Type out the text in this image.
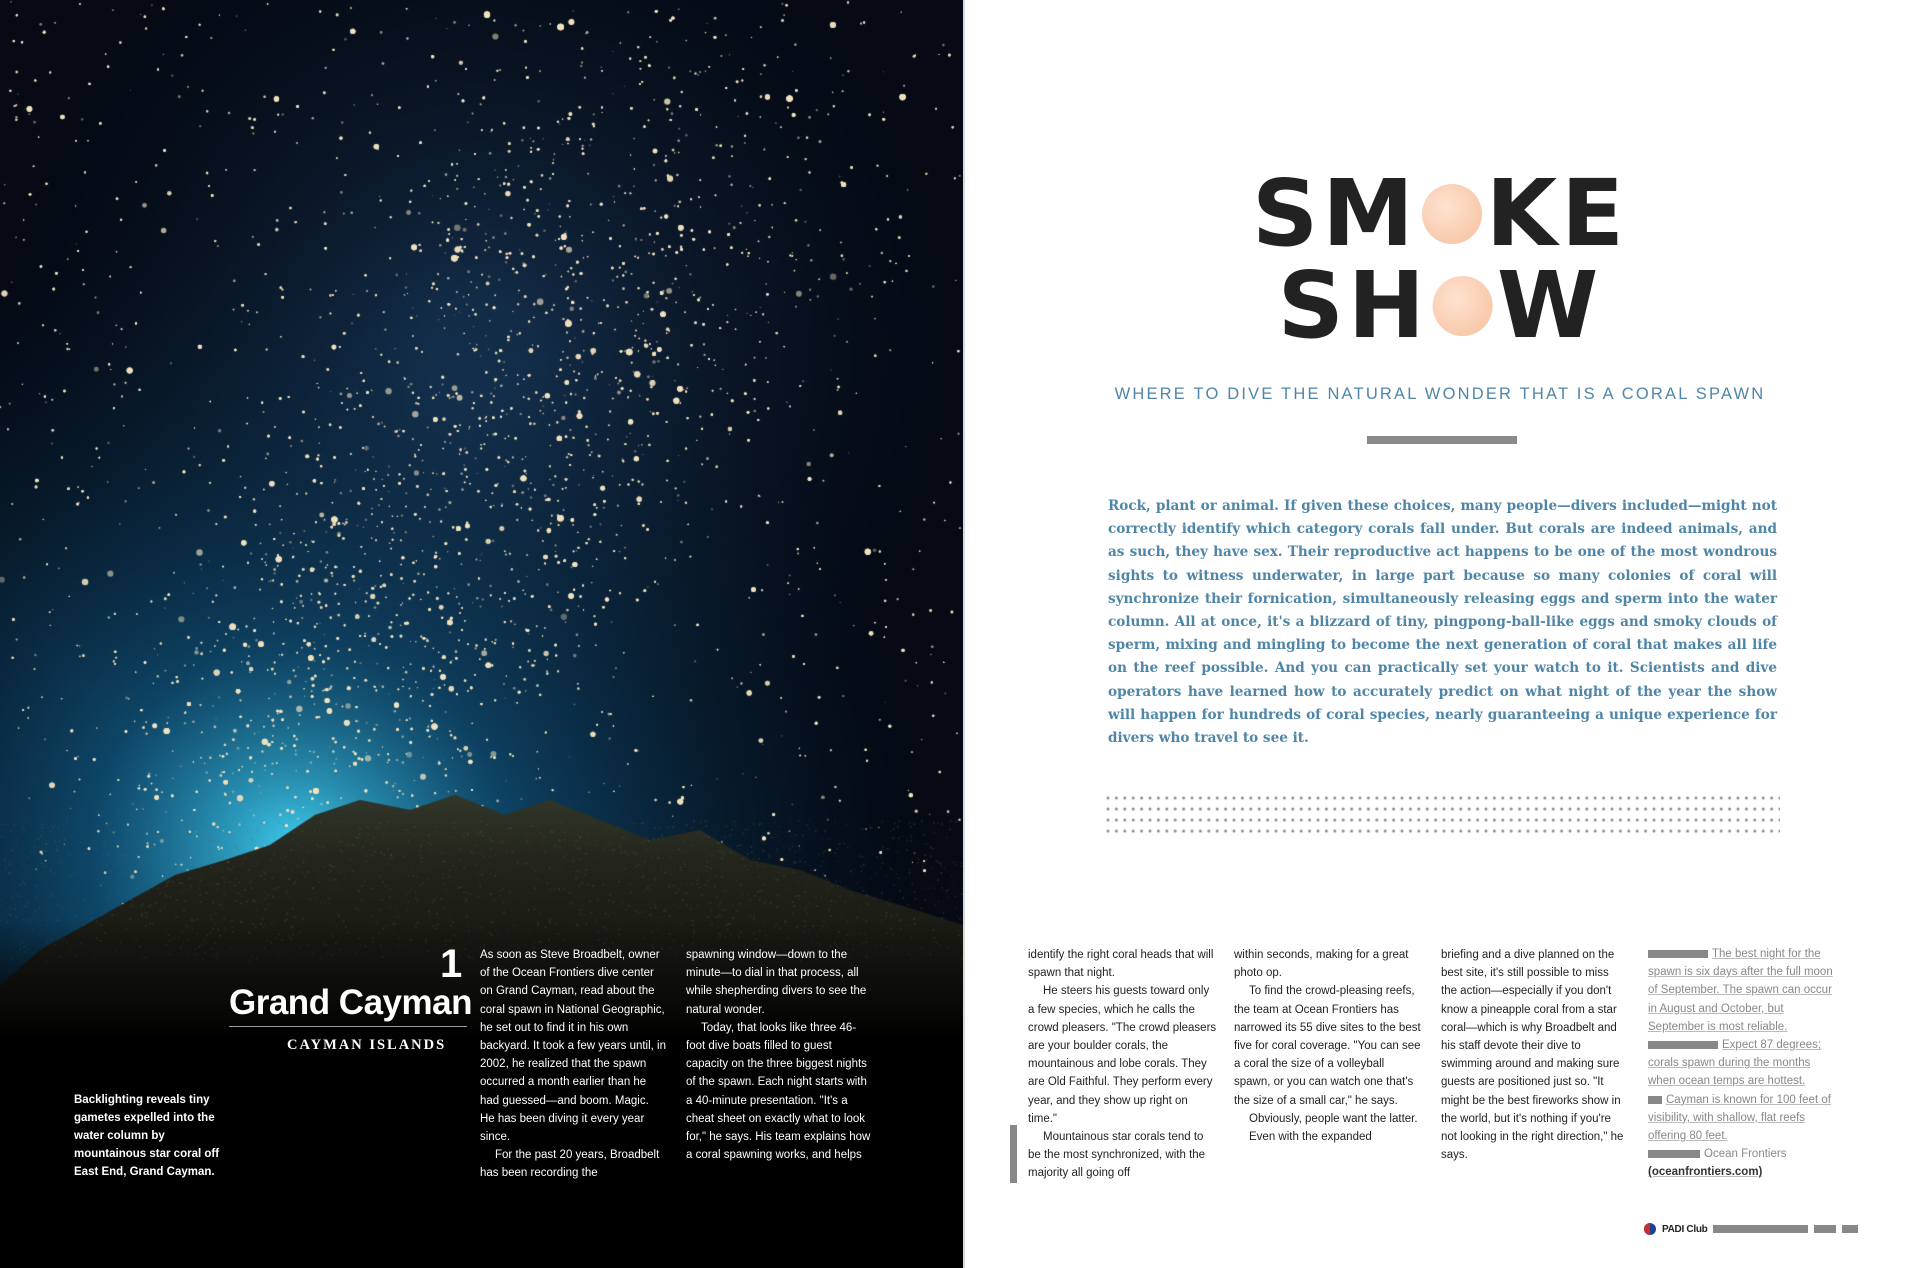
1
Grand Cayman
CAYMAN ISLANDS
Backlighting reveals tiny gametes expelled into the water column by mountainous star coral off East End, Grand Cayman.

As soon as Steve Broadbelt, owner of the Ocean Frontiers dive center on Grand Cayman, read about the coral spawn in National Geographic, he set out to find it in his own backyard. It took a few years until, in 2002, he realized that the spawn occurred a month earlier than he had guessed—and boom. Magic. He has been diving it every year since.

For the past 20 years, Broadbelt has been recording the

spawning window—down to the minute—to dial in that process, all while shepherding divers to see the natural wonder.

Today, that looks like three 46-foot dive boats filled to guest capacity on the three biggest nights of the spawn. Each night starts with a 40-minute presentation. "It's a cheat sheet on exactly what to look for," he says. His team explains how a coral spawning works, and helps

SM KE
SH W
WHERE TO DIVE THE NATURAL WONDER THAT IS A CORAL SPAWN
Rock, plant or animal. If given these choices, many people—divers included—might not correctly identify which category corals fall under. But corals are indeed animals, and as such, they have sex. Their reproductive act happens to be one of the most wondrous sights to witness underwater, in large part because so many colonies of coral will synchronize their fornication, simultaneously releasing eggs and sperm into the water column. All at once, it's a blizzard of tiny, pingpong-ball-like eggs and smoky clouds of sperm, mixing and mingling to become the next generation of coral that makes all life on the reef possible. And you can practically set your watch to it. Scientists and dive operators have learned how to accurately predict on what night of the year the show will happen for hundreds of coral species, nearly guaranteeing a unique experience for divers who travel to see it.

identify the right coral heads that will spawn that night.

He steers his guests toward only a few species, which he calls the crowd pleasers. "The crowd pleasers are your boulder corals, the mountainous and lobe corals. They are Old Faithful. They perform every year, and they show up right on time."

Mountainous star corals tend to be the most synchronized, with the majority all going off

within seconds, making for a great photo op.

To find the crowd-pleasing reefs, the team at Ocean Frontiers has narrowed its 55 dive sites to the best five for coral coverage. "You can see a coral the size of a volleyball spawn, or you can watch one that's the size of a small car," he says.

Obviously, people want the latter.

Even with the expanded

briefing and a dive planned on the best site, it's still possible to miss the action—especially if you don't know a pineapple coral from a star coral—which is why Broadbelt and his staff devote their dive to swimming around and making sure guests are positioned just so. "It might be the best fireworks show in the world, but it's nothing if you're not looking in the right direction," he says.

The best night for the spawn is six days after the full moon of September. The spawn can occur in August and October, but September is most reliable.

Expect 87 degrees; corals spawn during the months when ocean temps are hottest.

Cayman is known for 100 feet of visibility, with shallow, flat reefs offering 80 feet.

Ocean Frontiers
(oceanfrontiers.com)

PADI Club
